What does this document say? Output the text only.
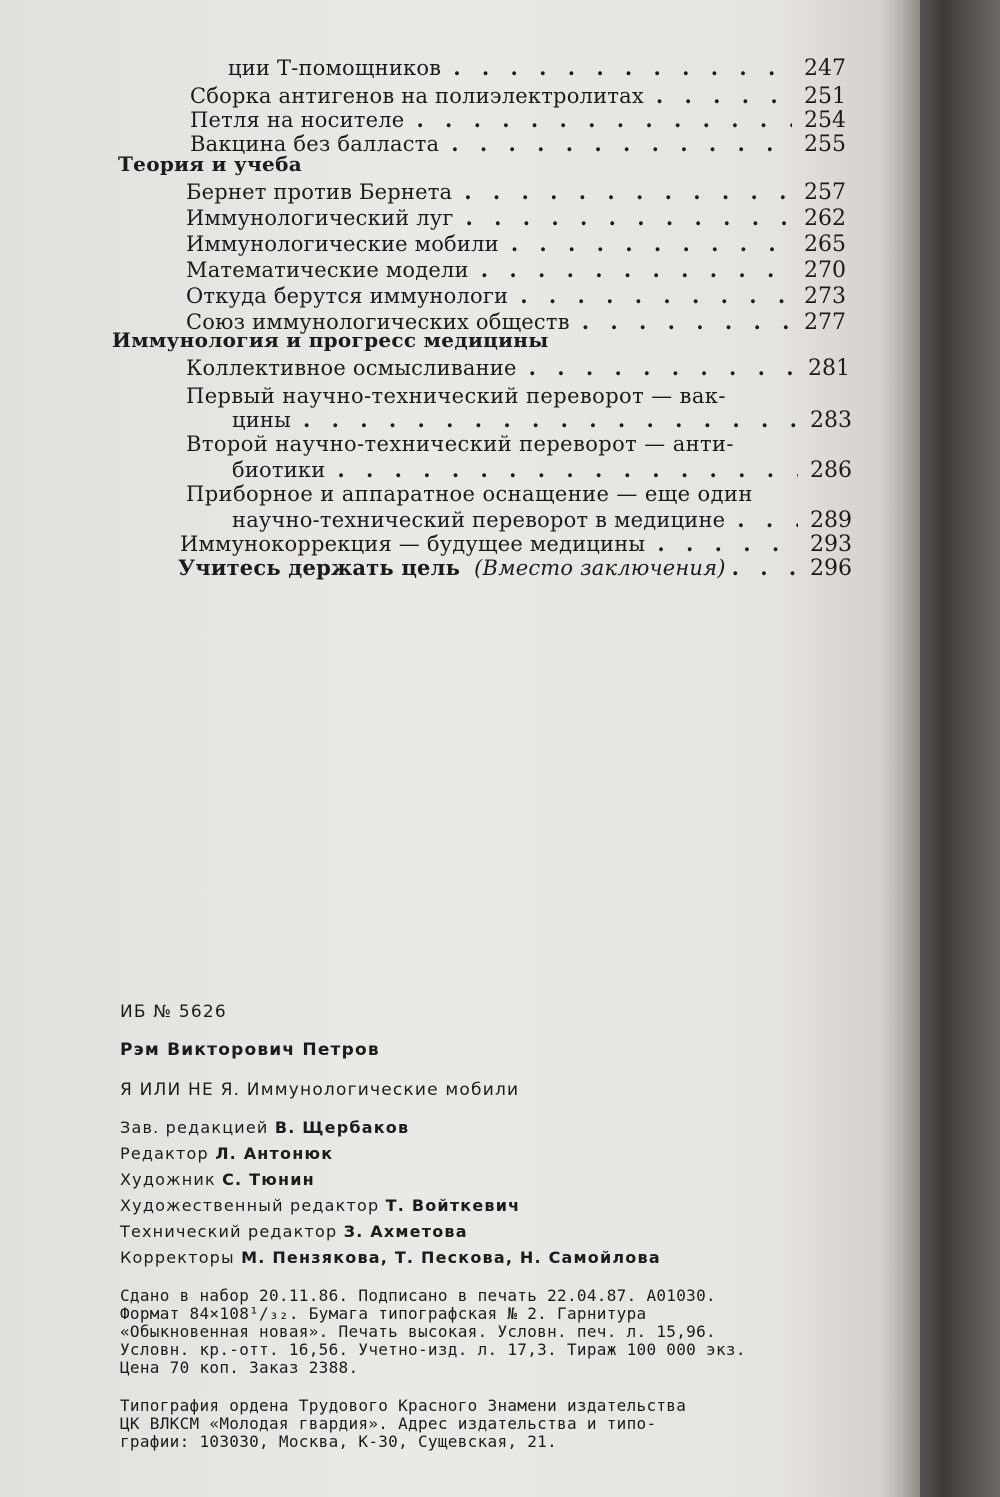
ции Т-помощников . . .	247
Сборка антигенов на полиэлектролитах . . .	251
Петля на носителе . . .	254
Вакцина без балласта . . .	255
Теория и учеба
Бернет против Бернета . . .	257
Иммунологический луг . . .	262
Иммунологические мобили . . .	265
Математические модели . . .	270
Откуда берутся иммунологи . . .	273
Союз иммунологических обществ . . .	277
Иммунология и прогресс медицины
Коллективное осмысливание . . .	281
Первый научно-технический переворот — вак-
цины . . .	283
Второй научно-технический переворот — анти-
биотики . . .	286
Приборное и аппаратное оснащение — еще один
научно-технический переворот в медицине . . .	289
Иммунокоррекция — будущее медицины . . .	293
Учитесь держать цель (Вместо заключения) . . .	296
ИБ № 5626
Рэм Викторович Петров
Я ИЛИ НЕ Я. Иммунологические мобили
Зав. редакцией В. Щербаков
Редактор Л. Антонюк
Художник С. Тюнин
Художественный редактор Т. Войткевич
Технический редактор З. Ахметова
Корректоры М. Пензякова, Т. Пескова, Н. Самойлова
Сдано в набор 20.11.86. Подписано в печать 22.04.87. А01030.
Формат 84×108¹/₃₂. Бумага типографская № 2. Гарнитура
«Обыкновенная новая». Печать высокая. Условн. печ. л. 15,96.
Условн. кр.-отт. 16,56. Учетно-изд. л. 17,3. Тираж 100 000 экз.
Цена 70 коп. Заказ 2388.
Типография ордена Трудового Красного Знамени издательства
ЦК ВЛКСМ «Молодая гвардия». Адрес издательства и типо-
графии: 103030, Москва, К-30, Сущевская, 21.
